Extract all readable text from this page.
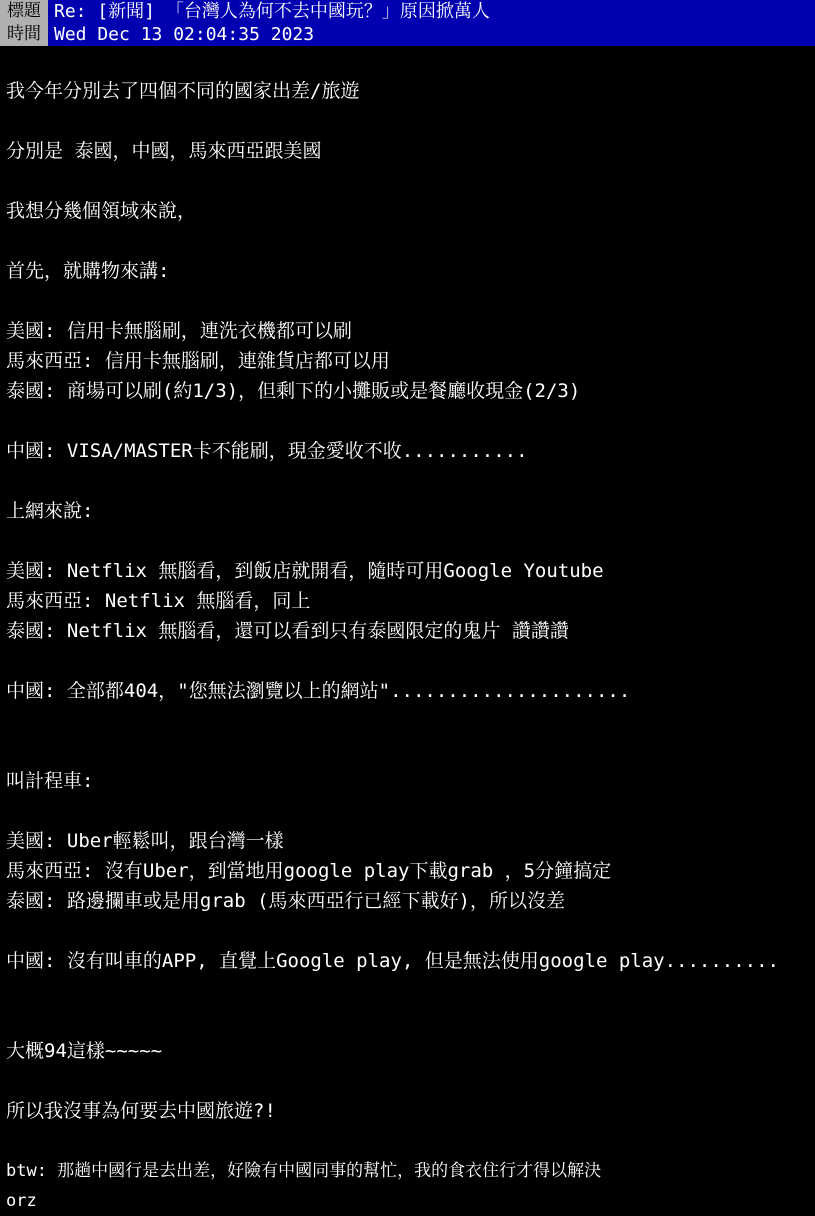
標題 Re: [新聞] 「台灣人為何不去中國玩？」原因掀萬人
時間 Wed Dec 13 02:04:35 2023
我今年分別去了四個不同的國家出差/旅遊
分別是 泰國，中國，馬來西亞跟美國
我想分幾個領域來說，
首先，就購物來講:
美國: 信用卡無腦刷，連洗衣機都可以刷
馬來西亞: 信用卡無腦刷，連雜貨店都可以用
泰國: 商場可以刷(約1/3)，但剩下的小攤販或是餐廳收現金(2/3)
中國: VISA/MASTER卡不能刷，現金愛收不收...........
上網來說:
美國: Netflix 無腦看，到飯店就開看，隨時可用Google Youtube
馬來西亞: Netflix 無腦看，同上
泰國: Netflix 無腦看，還可以看到只有泰國限定的鬼片 讚讚讚
中國: 全部都404，"您無法瀏覽以上的網站".....................
叫計程車:
美國: Uber輕鬆叫，跟台灣一樣
馬來西亞: 沒有Uber，到當地用google play下載grab ，5分鐘搞定
泰國: 路邊攔車或是用grab (馬來西亞行已經下載好)，所以沒差
中國: 沒有叫車的APP, 直覺上Google play, 但是無法使用google play..........
大概94這樣~~~~~
所以我沒事為何要去中國旅遊?!
btw: 那趟中國行是去出差，好險有中國同事的幫忙，我的食衣住行才得以解決
orz
